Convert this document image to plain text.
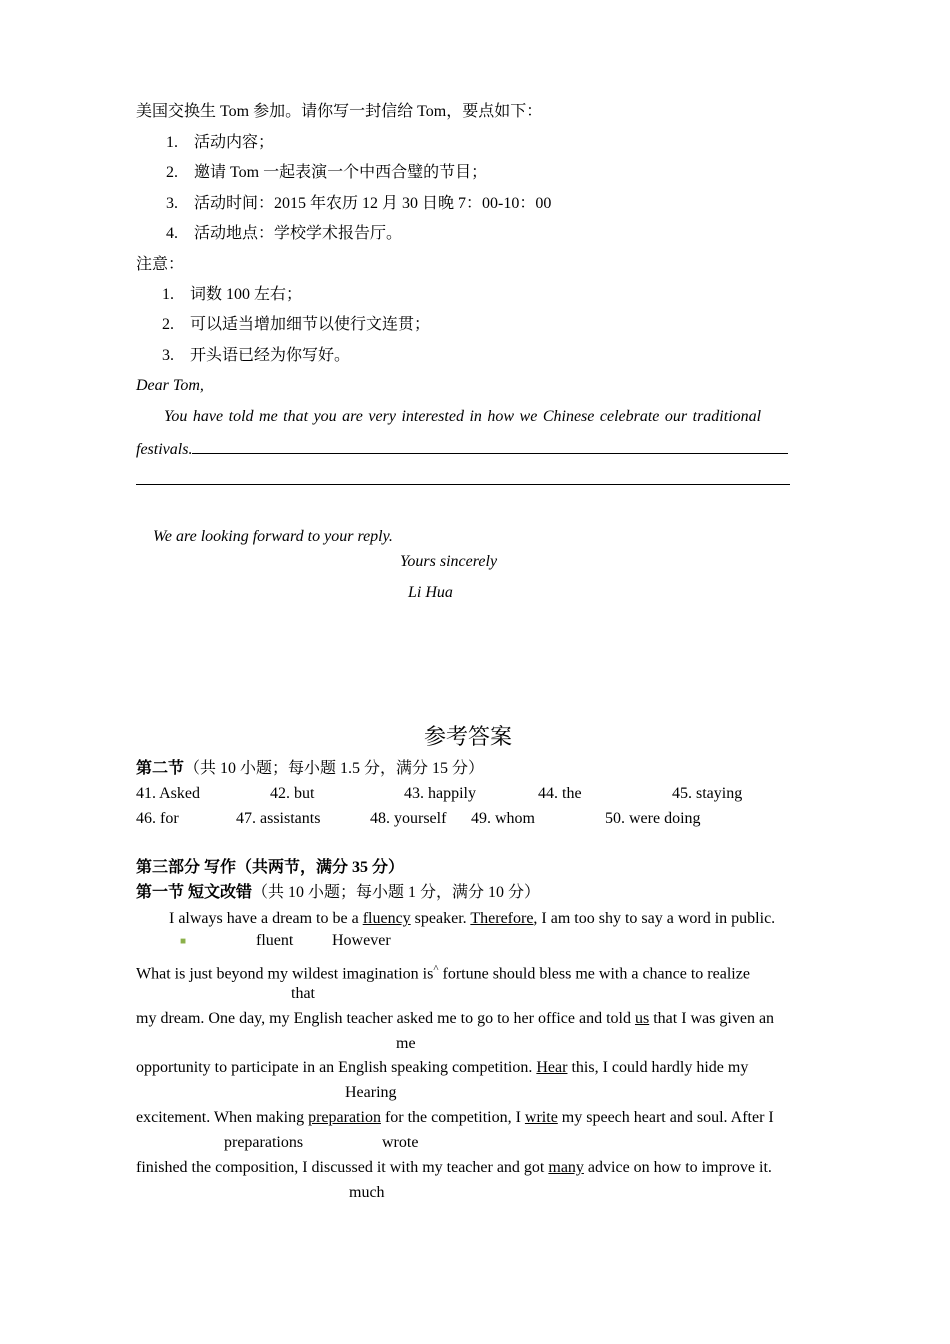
美国交换生 Tom 参加。请你写一封信给 Tom，要点如下：
1. 活动内容；
2. 邀请 Tom 一起表演一个中西合璧的节目；
3. 活动时间：2015 年农历 12 月 30 日晚 7：00-10：00
4. 活动地点：学校学术报告厅。
注意：
1. 词数 100 左右；
2. 可以适当增加细节以使行文连贯；
3. 开头语已经为你写好。
Dear Tom,
You have told me that you are very interested in how we Chinese celebrate our traditional
festivals.
We are looking forward to your reply.
Yours sincerely
Li Hua
参考答案
第二节（共 10 小题；每小题 1.5 分，满分 15 分）
41. Asked	42. but	43. happily	44. the	45. staying
46. for	47. assistants	48. yourself 49. whom	50. were doing
第三部分 写作（共两节，满分 35 分）
第一节 短文改错（共 10 小题；每小题 1 分，满分 10 分）
I always have a dream to be a fluency speaker. Therefore, I am too shy to say a word in public.
■	fluent However
What is just beyond my wildest imagination is^ fortune should bless me with a chance to realize
that
my dream. One day, my English teacher asked me to go to her office and told us that I was given an
me
opportunity to participate in an English speaking competition. Hear this, I could hardly hide my
Hearing
excitement. When making preparation for the competition, I write my speech heart and soul. After I
preparations	wrote
finished the composition, I discussed it with my teacher and got many advice on how to improve it.
much
